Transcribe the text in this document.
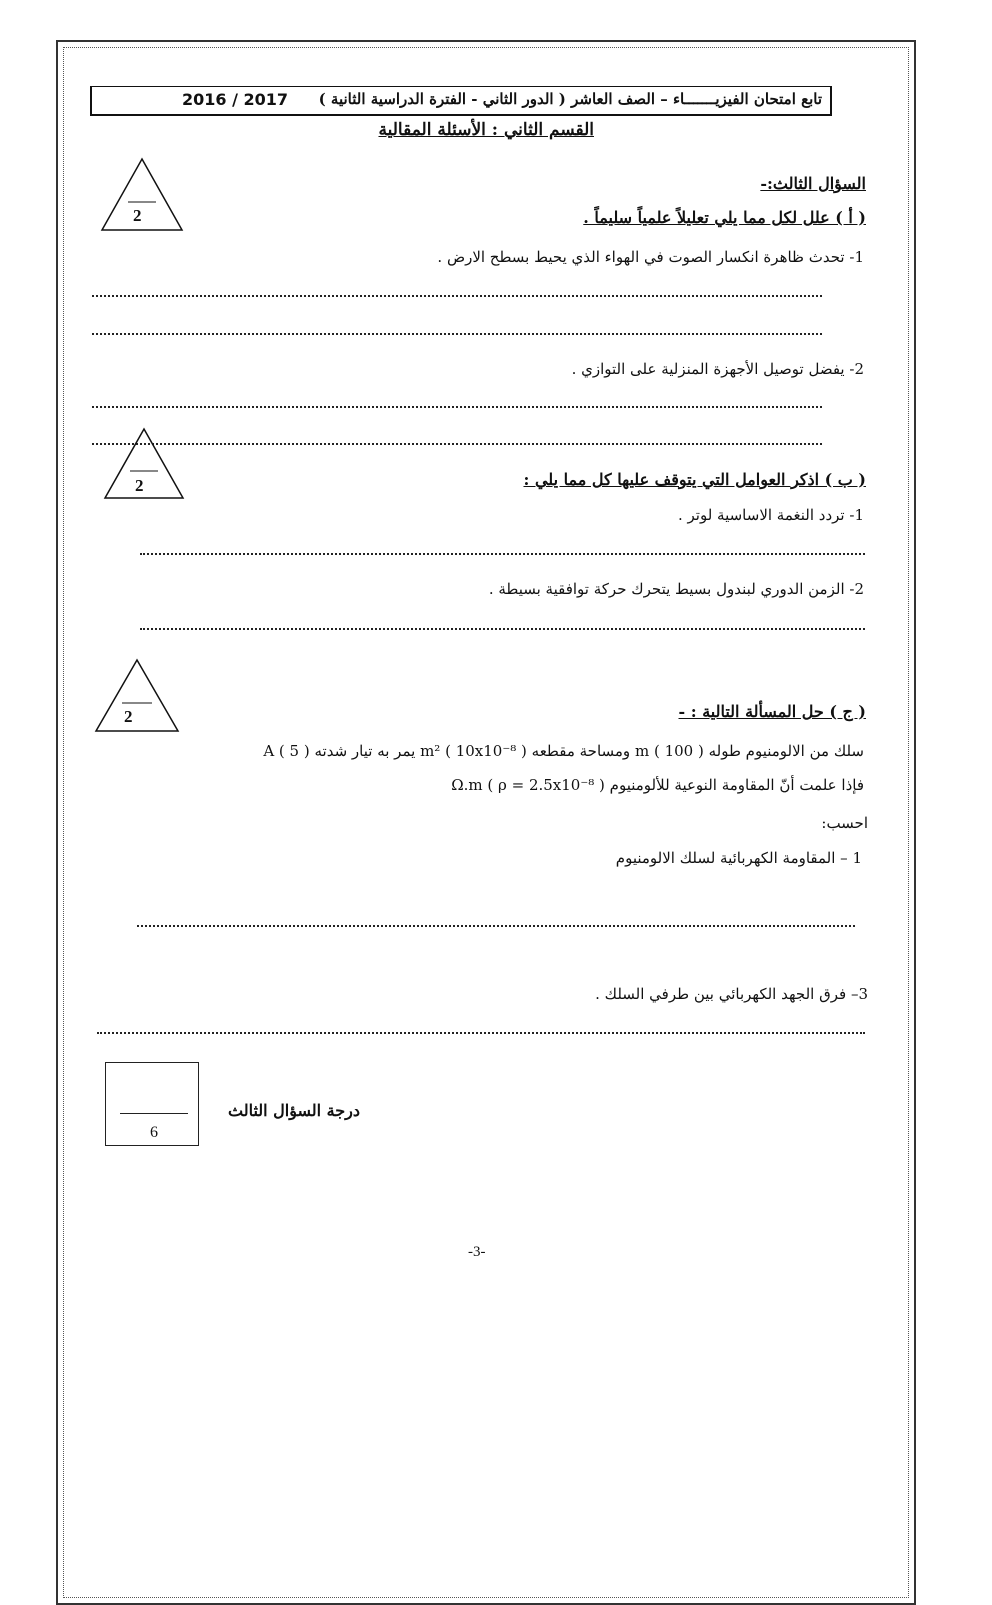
تابع امتحان الفيزيـــــــاء – الصف العاشر ( الدور الثاني - الفترة الدراسية الثانية )
2016 / 2017
القسم الثاني : الأسئلة المقالية
السؤال الثالث:-
2	( أ ) علل لكل مما يلي تعليلاً علمياً سليماً .
1- تحدث ظاهرة انكسار الصوت في الهواء الذي يحيط بسطح الارض .
2- يفضل توصيل الأجهزة المنزلية على التوازي .
2	( ب ) اذكر العوامل التي يتوقف عليها كل مما يلي :
1- تردد النغمة الاساسية لوتر .
2- الزمن الدوري لبندول بسيط يتحرك حركة توافقية بسيطة .
2	( ج ) حل المسألة التالية : -
سلك من الالومنيوم طوله m ( 100 ) ومساحة مقطعه m² ( 10x10⁻⁸ ) يمر به تيار شدته A ( 5 )
فإذا علمت أنّ المقاومة النوعية للألومنيوم Ω.m ( ρ = 2.5x10⁻⁸ )
احسب:
1 – المقاومة الكهربائية لسلك الالومنيوم
3– فرق الجهد الكهربائي بين طرفي السلك .
6
درجة السؤال الثالث
-3-
